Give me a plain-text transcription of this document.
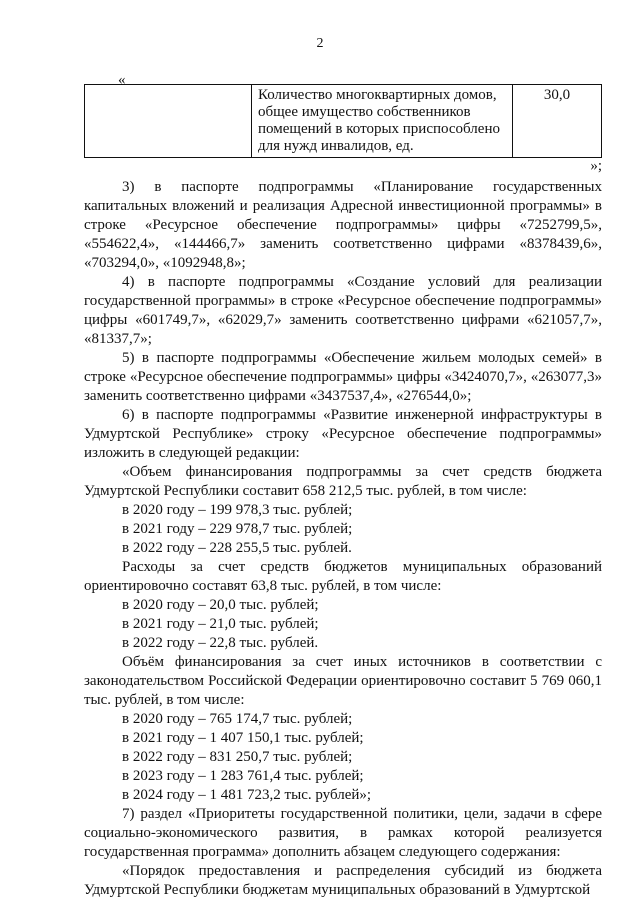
2
«
	Количество многоквартирных домов, общее имущество собственников помещений в которых приспособлено для нужд инвалидов, ед.	30,0
»;

3) в паспорте подпрограммы «Планирование государственных капитальных вложений и реализация Адресной инвестиционной программы» в строке «Ресурсное обеспечение подпрограммы» цифры «7252799,5», «554622,4», «144466,7» заменить соответственно цифрами «8378439,6», «703294,0», «1092948,8»;

4) в паспорте подпрограммы «Создание условий для реализации государственной программы» в строке «Ресурсное обеспечение подпрограммы» цифры «601749,7», «62029,7» заменить соответственно цифрами «621057,7», «81337,7»;

5) в паспорте подпрограммы «Обеспечение жильем молодых семей» в строке «Ресурсное обеспечение подпрограммы» цифры «3424070,7», «263077,3» заменить соответственно цифрами «3437537,4», «276544,0»;

6) в паспорте подпрограммы «Развитие инженерной инфраструктуры в Удмуртской Республике» строку «Ресурсное обеспечение подпрограммы» изложить в следующей редакции:

«Объем финансирования подпрограммы за счет средств бюджета Удмуртской Республики составит 658 212,5 тыс. рублей, в том числе:

в 2020 году – 199 978,3 тыс. рублей;

в 2021 году – 229 978,7 тыс. рублей;

в 2022 году – 228 255,5 тыс. рублей.

Расходы за счет средств бюджетов муниципальных образований ориентировочно составят 63,8 тыс. рублей, в том числе:

в 2020 году – 20,0 тыс. рублей;

в 2021 году – 21,0 тыс. рублей;

в 2022 году – 22,8 тыс. рублей.

Объём финансирования за счет иных источников в соответствии с законодательством Российской Федерации ориентировочно составит 5 769 060,1 тыс. рублей, в том числе:

в 2020 году – 765 174,7 тыс. рублей;

в 2021 году – 1 407 150,1 тыс. рублей;

в 2022 году – 831 250,7 тыс. рублей;

в 2023 году – 1 283 761,4 тыс. рублей;

в 2024 году – 1 481 723,2 тыс. рублей»;

7) раздел «Приоритеты государственной политики, цели, задачи в сфере социально-экономического развития, в рамках которой реализуется государственная программа» дополнить абзацем следующего содержания:

«Порядок предоставления и распределения субсидий из бюджета Удмуртской Республики бюджетам муниципальных образований в Удмуртской
